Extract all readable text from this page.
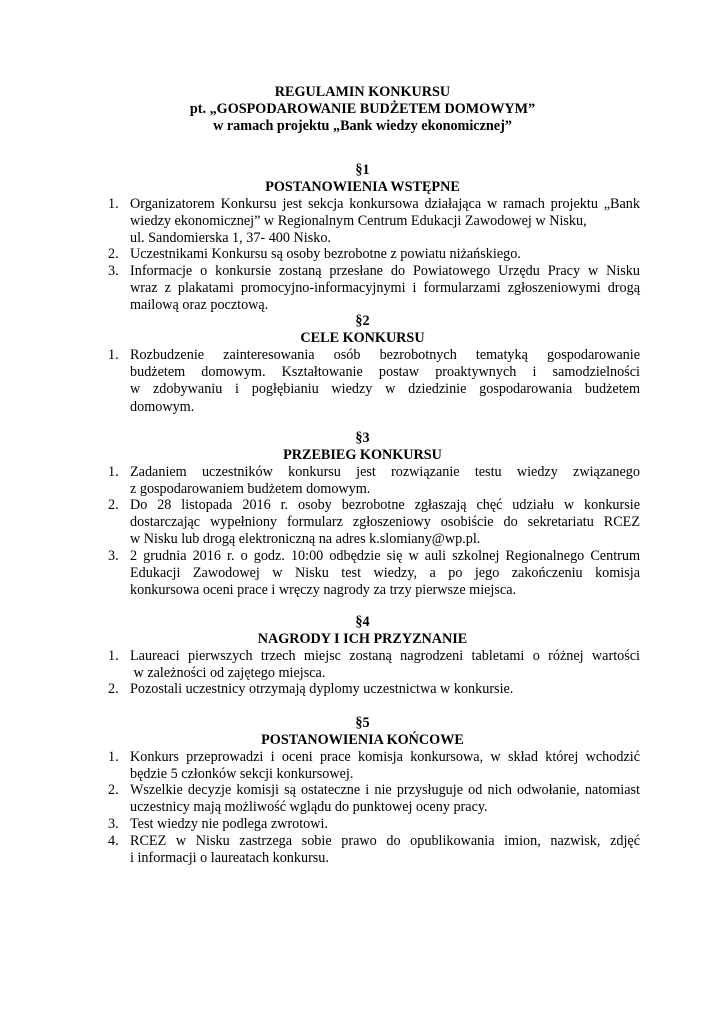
REGULAMIN KONKURSU
pt. „GOSPODAROWANIE BUDŻETEM DOMOWYM”
w ramach projektu „Bank wiedzy ekonomicznej”
§1
POSTANOWIENIA WSTĘPNE
1. Organizatorem Konkursu jest sekcja konkursowa działająca w ramach projektu „Bank
wiedzy ekonomicznej” w Regionalnym Centrum Edukacji Zawodowej w Nisku,
ul. Sandomierska 1, 37- 400 Nisko.
2. Uczestnikami Konkursu są osoby bezrobotne z powiatu niżańskiego.
3. Informacje o konkursie zostaną przesłane do Powiatowego Urzędu Pracy w Nisku
wraz z plakatami promocyjno-informacyjnymi i formularzami zgłoszeniowymi drogą
mailową oraz pocztową.
§2
CELE KONKURSU
1. Rozbudzenie zainteresowania osób bezrobotnych tematyką gospodarowanie
budżetem domowym. Kształtowanie postaw proaktywnych i samodzielności
w zdobywaniu i pogłębianiu wiedzy w dziedzinie gospodarowania budżetem
domowym.
§3
PRZEBIEG KONKURSU
1. Zadaniem uczestników konkursu jest rozwiązanie testu wiedzy związanego
z gospodarowaniem budżetem domowym.
2. Do 28 listopada 2016 r. osoby bezrobotne zgłaszają chęć udziału w konkursie
dostarczając wypełniony formularz zgłoszeniowy osobiście do sekretariatu RCEZ
w Nisku lub drogą elektroniczną na adres k.slomiany@wp.pl.
3. 2 grudnia 2016 r. o godz. 10:00 odbędzie się w auli szkolnej Regionalnego Centrum
Edukacji Zawodowej w Nisku test wiedzy, a po jego zakończeniu komisja
konkursowa oceni prace i wręczy nagrody za trzy pierwsze miejsca.
§4
NAGRODY I ICH PRZYZNANIE
1. Laureaci pierwszych trzech miejsc zostaną nagrodzeni tabletami o różnej wartości
w zależności od zajętego miejsca.
2. Pozostali uczestnicy otrzymają dyplomy uczestnictwa w konkursie.
§5
POSTANOWIENIA KOŃCOWE
1. Konkurs przeprowadzi i oceni prace komisja konkursowa, w skład której wchodzić
będzie 5 członków sekcji konkursowej.
2. Wszelkie decyzje komisji są ostateczne i nie przysługuje od nich odwołanie, natomiast
uczestnicy mają możliwość wglądu do punktowej oceny pracy.
3. Test wiedzy nie podlega zwrotowi.
4. RCEZ w Nisku zastrzega sobie prawo do opublikowania imion, nazwisk, zdjęć
i informacji o laureatach konkursu.
